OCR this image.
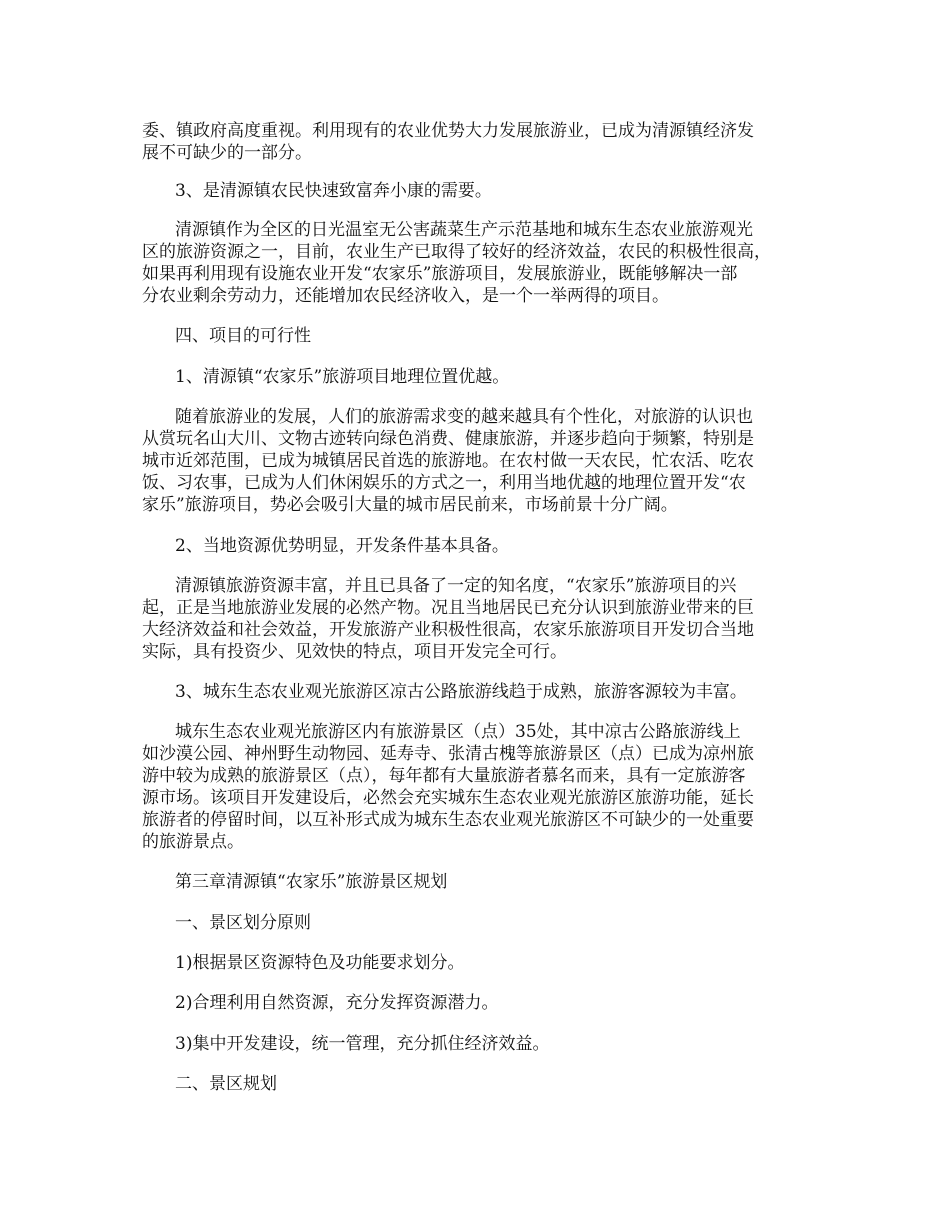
委、镇政府高度重视。利用现有的农业优势大力发展旅游业，已成为清源镇经济发
展不可缺少的一部分。
3、是清源镇农民快速致富奔小康的需要。
清源镇作为全区的日光温室无公害蔬菜生产示范基地和城东生态农业旅游观光
区的旅游资源之一，目前，农业生产已取得了较好的经济效益，农民的积极性很高，
如果再利用现有设施农业开发“农家乐”旅游项目，发展旅游业，既能够解决一部
分农业剩余劳动力，还能增加农民经济收入，是一个一举两得的项目。
四、项目的可行性
1、清源镇“农家乐”旅游项目地理位置优越。
随着旅游业的发展，人们的旅游需求变的越来越具有个性化，对旅游的认识也
从赏玩名山大川、文物古迹转向绿色消费、健康旅游，并逐步趋向于频繁，特别是
城市近郊范围，已成为城镇居民首选的旅游地。在农村做一天农民，忙农活、吃农
饭、习农事，已成为人们休闲娱乐的方式之一，利用当地优越的地理位置开发“农
家乐”旅游项目，势必会吸引大量的城市居民前来，市场前景十分广阔。
2、当地资源优势明显，开发条件基本具备。
清源镇旅游资源丰富，并且已具备了一定的知名度，“农家乐”旅游项目的兴
起，正是当地旅游业发展的必然产物。况且当地居民已充分认识到旅游业带来的巨
大经济效益和社会效益，开发旅游产业积极性很高，农家乐旅游项目开发切合当地
实际，具有投资少、见效快的特点，项目开发完全可行。
3、城东生态农业观光旅游区凉古公路旅游线趋于成熟，旅游客源较为丰富。
城东生态农业观光旅游区内有旅游景区（点）35处，其中凉古公路旅游线上
如沙漠公园、神州野生动物园、延寿寺、张清古槐等旅游景区（点）已成为凉州旅
游中较为成熟的旅游景区（点），每年都有大量旅游者慕名而来，具有一定旅游客
源市场。该项目开发建设后，必然会充实城东生态农业观光旅游区旅游功能，延长
旅游者的停留时间，以互补形式成为城东生态农业观光旅游区不可缺少的一处重要
的旅游景点。
第三章清源镇“农家乐”旅游景区规划
一、景区划分原则
1)根据景区资源特色及功能要求划分。
2)合理利用自然资源，充分发挥资源潜力。
3)集中开发建设，统一管理，充分抓住经济效益。
二、景区规划
